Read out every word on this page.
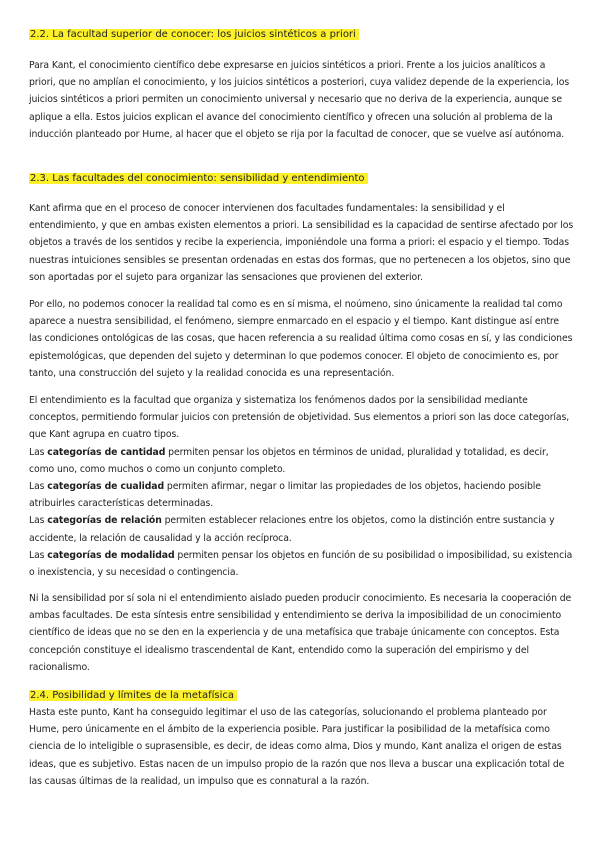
2.2. La facultad superior de conocer: los juicios sintéticos a priori

Para Kant, el conocimiento científico debe expresarse en juicios sintéticos a priori. Frente a los juicios analíticos a priori, que no amplían el conocimiento, y los juicios sintéticos a posteriori, cuya validez depende de la experiencia, los juicios sintéticos a priori permiten un conocimiento universal y necesario que no deriva de la experiencia, aunque se aplique a ella. Estos juicios explican el avance del conocimiento científico y ofrecen una solución al problema de la inducción planteado por Hume, al hacer que el objeto se rija por la facultad de conocer, que se vuelve así autónoma.

2.3. Las facultades del conocimiento: sensibilidad y entendimiento

Kant afirma que en el proceso de conocer intervienen dos facultades fundamentales: la sensibilidad y el entendimiento, y que en ambas existen elementos a priori. La sensibilidad es la capacidad de sentirse afectado por los objetos a través de los sentidos y recibe la experiencia, imponiéndole una forma a priori: el espacio y el tiempo. Todas nuestras intuiciones sensibles se presentan ordenadas en estas dos formas, que no pertenecen a los objetos, sino que son aportadas por el sujeto para organizar las sensaciones que provienen del exterior.

Por ello, no podemos conocer la realidad tal como es en sí misma, el noúmeno, sino únicamente la realidad tal como aparece a nuestra sensibilidad, el fenómeno, siempre enmarcado en el espacio y el tiempo. Kant distingue así entre las condiciones ontológicas de las cosas, que hacen referencia a su realidad última como cosas en sí, y las condiciones epistemológicas, que dependen del sujeto y determinan lo que podemos conocer. El objeto de conocimiento es, por tanto, una construcción del sujeto y la realidad conocida es una representación.

El entendimiento es la facultad que organiza y sistematiza los fenómenos dados por la sensibilidad mediante conceptos, permitiendo formular juicios con pretensión de objetividad. Sus elementos a priori son las doce categorías, que Kant agrupa en cuatro tipos.
Las categorías de cantidad permiten pensar los objetos en términos de unidad, pluralidad y totalidad, es decir, como uno, como muchos o como un conjunto completo.
Las categorías de cualidad permiten afirmar, negar o limitar las propiedades de los objetos, haciendo posible atribuirles características determinadas.
Las categorías de relación permiten establecer relaciones entre los objetos, como la distinción entre sustancia y accidente, la relación de causalidad y la acción recíproca.
Las categorías de modalidad permiten pensar los objetos en función de su posibilidad o imposibilidad, su existencia o inexistencia, y su necesidad o contingencia.

Ni la sensibilidad por sí sola ni el entendimiento aislado pueden producir conocimiento. Es necesaria la cooperación de ambas facultades. De esta síntesis entre sensibilidad y entendimiento se deriva la imposibilidad de un conocimiento científico de ideas que no se den en la experiencia y de una metafísica que trabaje únicamente con conceptos. Esta concepción constituye el idealismo trascendental de Kant, entendido como la superación del empirismo y del racionalismo.

2.4. Posibilidad y límites de la metafísica

Hasta este punto, Kant ha conseguido legitimar el uso de las categorías, solucionando el problema planteado por Hume, pero únicamente en el ámbito de la experiencia posible. Para justificar la posibilidad de la metafísica como ciencia de lo inteligible o suprasensible, es decir, de ideas como alma, Dios y mundo, Kant analiza el origen de estas ideas, que es subjetivo. Estas nacen de un impulso propio de la razón que nos lleva a buscar una explicación total de las causas últimas de la realidad, un impulso que es connatural a la razón.
